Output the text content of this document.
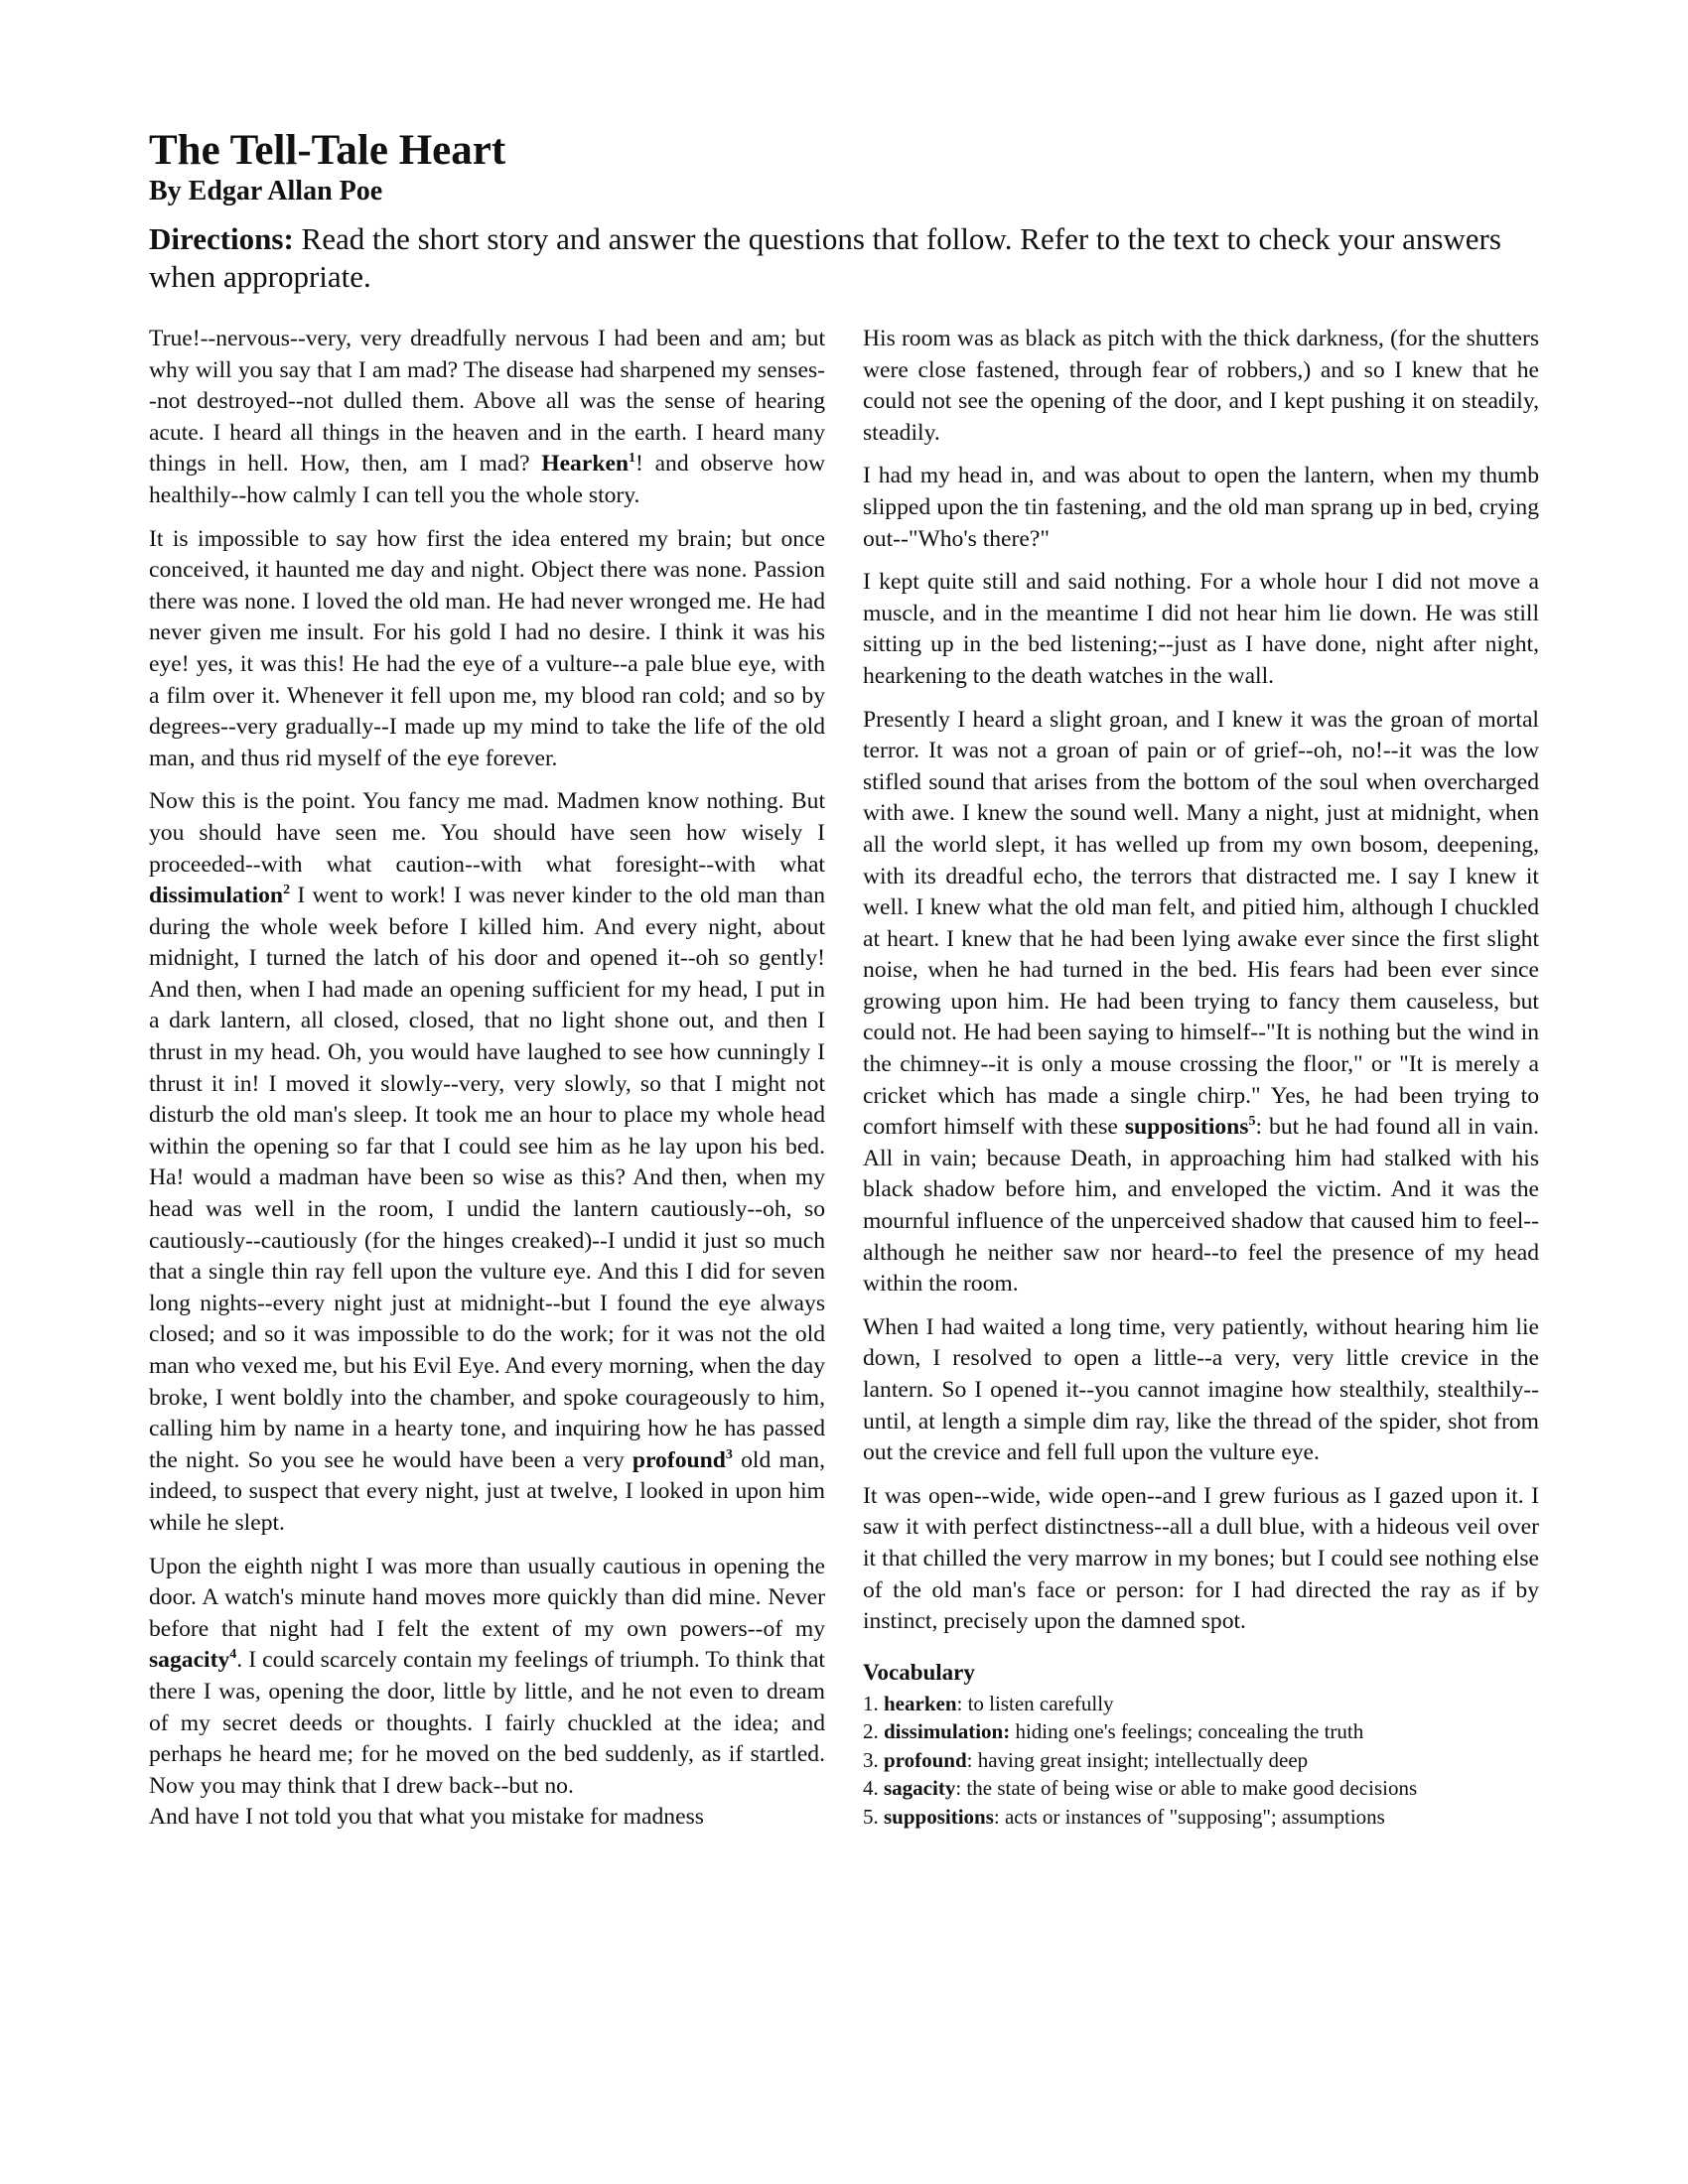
The Tell-Tale Heart
By Edgar Allan Poe

Directions: Read the short story and answer the questions that follow. Refer to the text to check your answers when appropriate.

True!--nervous--very, very dreadfully nervous I had been and am; but why will you say that I am mad? The disease had sharpened my senses--not destroyed--not dulled them. Above all was the sense of hearing acute. I heard all things in the heaven and in the earth. I heard many things in hell. How, then, am I mad? Hearken$^1$! and observe how healthily--how calmly I can tell you the whole story.

It is impossible to say how first the idea entered my brain; but once conceived, it haunted me day and night. Object there was none. Passion there was none. I loved the old man. He had never wronged me. He had never given me insult. For his gold I had no desire. I think it was his eye! yes, it was this! He had the eye of a vulture--a pale blue eye, with a film over it. Whenever it fell upon me, my blood ran cold; and so by degrees--very gradually--I made up my mind to take the life of the old man, and thus rid myself of the eye forever.

Now this is the point. You fancy me mad. Madmen know nothing. But you should have seen me. You should have seen how wisely I proceeded--with what caution--with what foresight--with what dissimulation$^2$ I went to work! I was never kinder to the old man than during the whole week before I killed him. And every night, about midnight, I turned the latch of his door and opened it--oh so gently! And then, when I had made an opening sufficient for my head, I put in a dark lantern, all closed, closed, that no light shone out, and then I thrust in my head. Oh, you would have laughed to see how cunningly I thrust it in! I moved it slowly--very, very slowly, so that I might not disturb the old man's sleep. It took me an hour to place my whole head within the opening so far that I could see him as he lay upon his bed. Ha! would a madman have been so wise as this? And then, when my head was well in the room, I undid the lantern cautiously--oh, so cautiously--cautiously (for the hinges creaked)--I undid it just so much that a single thin ray fell upon the vulture eye. And this I did for seven long nights--every night just at midnight--but I found the eye always closed; and so it was impossible to do the work; for it was not the old man who vexed me, but his Evil Eye. And every morning, when the day broke, I went boldly into the chamber, and spoke courageously to him, calling him by name in a hearty tone, and inquiring how he has passed the night. So you see he would have been a very profound$^3$ old man, indeed, to suspect that every night, just at twelve, I looked in upon him while he slept.

Upon the eighth night I was more than usually cautious in opening the door. A watch's minute hand moves more quickly than did mine. Never before that night had I felt the extent of my own powers--of my sagacity$^4$. I could scarcely contain my feelings of triumph. To think that there I was, opening the door, little by little, and he not even to dream of my secret deeds or thoughts. I fairly chuckled at the idea; and perhaps he heard me; for he moved on the bed suddenly, as if startled. Now you may think that I drew back--but no.

And have I not told you that what you mistake for madness

His room was as black as pitch with the thick darkness, (for the shutters were close fastened, through fear of robbers,) and so I knew that he could not see the opening of the door, and I kept pushing it on steadily, steadily.

I had my head in, and was about to open the lantern, when my thumb slipped upon the tin fastening, and the old man sprang up in bed, crying out--"Who's there?"

I kept quite still and said nothing. For a whole hour I did not move a muscle, and in the meantime I did not hear him lie down. He was still sitting up in the bed listening;--just as I have done, night after night, hearkening to the death watches in the wall.

Presently I heard a slight groan, and I knew it was the groan of mortal terror. It was not a groan of pain or of grief--oh, no!--it was the low stifled sound that arises from the bottom of the soul when overcharged with awe. I knew the sound well. Many a night, just at midnight, when all the world slept, it has welled up from my own bosom, deepening, with its dreadful echo, the terrors that distracted me. I say I knew it well. I knew what the old man felt, and pitied him, although I chuckled at heart. I knew that he had been lying awake ever since the first slight noise, when he had turned in the bed. His fears had been ever since growing upon him. He had been trying to fancy them causeless, but could not. He had been saying to himself--"It is nothing but the wind in the chimney--it is only a mouse crossing the floor," or "It is merely a cricket which has made a single chirp." Yes, he had been trying to comfort himself with these suppositions$^5$: but he had found all in vain. All in vain; because Death, in approaching him had stalked with his black shadow before him, and enveloped the victim. And it was the mournful influence of the unperceived shadow that caused him to feel--although he neither saw nor heard--to feel the presence of my head within the room.

When I had waited a long time, very patiently, without hearing him lie down, I resolved to open a little--a very, very little crevice in the lantern. So I opened it--you cannot imagine how stealthily, stealthily--until, at length a simple dim ray, like the thread of the spider, shot from out the crevice and fell full upon the vulture eye.

It was open--wide, wide open--and I grew furious as I gazed upon it. I saw it with perfect distinctness--all a dull blue, with a hideous veil over it that chilled the very marrow in my bones; but I could see nothing else of the old man's face or person: for I had directed the ray as if by instinct, precisely upon the damned spot.

Vocabulary
1. hearken: to listen carefully
2. dissimulation: hiding one's feelings; concealing the truth
3. profound: having great insight; intellectually deep
4. sagacity: the state of being wise or able to make good decisions
5. suppositions: acts or instances of "supposing"; assumptions
